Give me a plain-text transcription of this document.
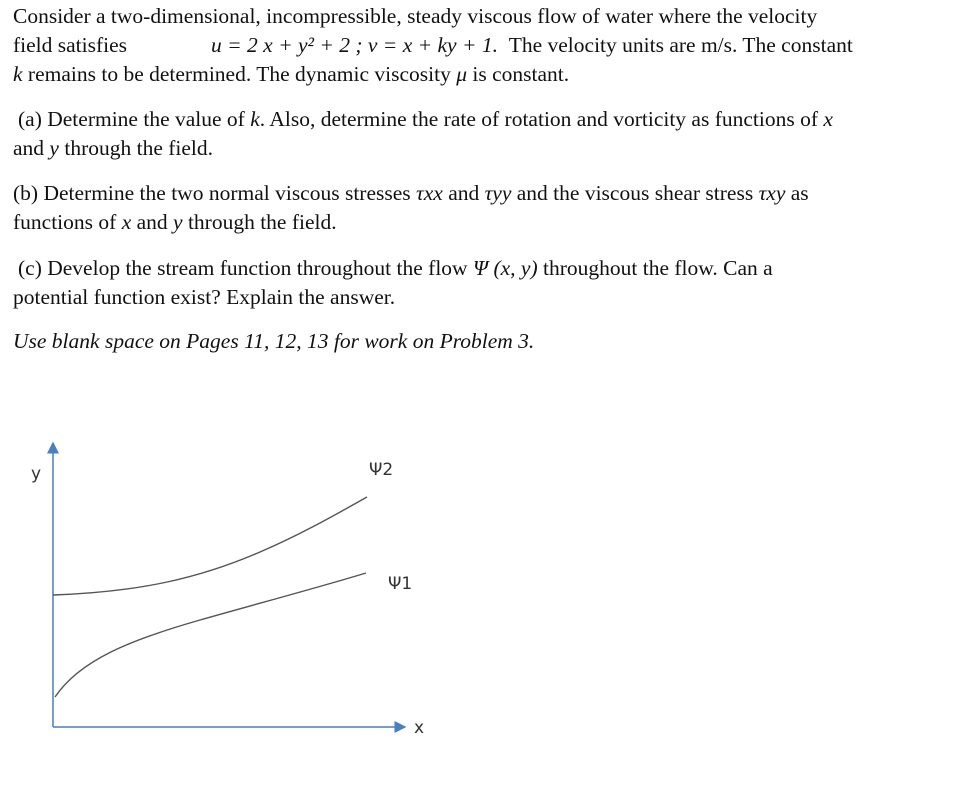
Consider a two-dimensional, incompressible, steady viscous flow of water where the velocity
field satisfies	u = 2 x + y² + 2 ; v = x + ky + 1. The velocity units are m/s. The constant
k remains to be determined. The dynamic viscosity μ is constant.
(a) Determine the value of k. Also, determine the rate of rotation and vorticity as functions of x
and y through the field.
(b) Determine the two normal viscous stresses τxx and τyy and the viscous shear stress τxy as
functions of x and y through the field.
(c) Develop the stream function throughout the flow Ψ (x, y) throughout the flow. Can a
potential function exist? Explain the answer.
Use blank space on Pages 11, 12, 13 for work on Problem 3.
y
x
Ψ2
Ψ1
